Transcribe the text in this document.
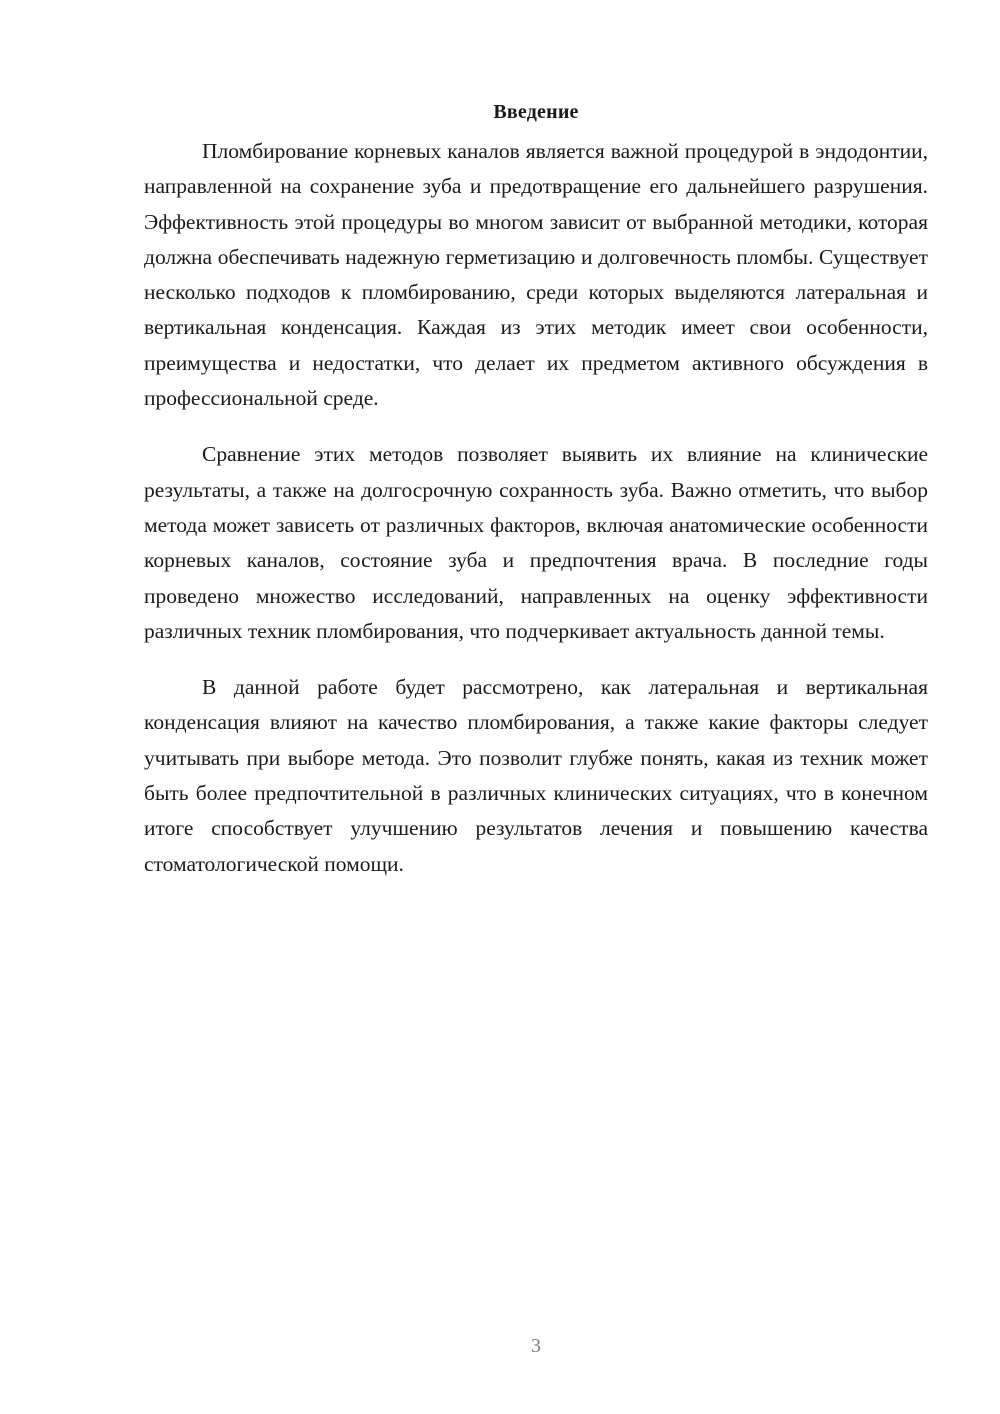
Введение

Пломбирование корневых каналов является важной процедурой в эндодонтии, направленной на сохранение зуба и предотвращение его дальнейшего разрушения. Эффективность этой процедуры во многом зависит от выбранной методики, которая должна обеспечивать надежную герметизацию и долговечность пломбы. Существует несколько подходов к пломбированию, среди которых выделяются латеральная и вертикальная конденсация. Каждая из этих методик имеет свои особенности, преимущества и недостатки, что делает их предметом активного обсуждения в профессиональной среде.

Сравнение этих методов позволяет выявить их влияние на клинические результаты, а также на долгосрочную сохранность зуба. Важно отметить, что выбор метода может зависеть от различных факторов, включая анатомические особенности корневых каналов, состояние зуба и предпочтения врача. В последние годы проведено множество исследований, направленных на оценку эффективности различных техник пломбирования, что подчеркивает актуальность данной темы.

В данной работе будет рассмотрено, как латеральная и вертикальная конденсация влияют на качество пломбирования, а также какие факторы следует учитывать при выборе метода. Это позволит глубже понять, какая из техник может быть более предпочтительной в различных клинических ситуациях, что в конечном итоге способствует улучшению результатов лечения и повышению качества стоматологической помощи.

3
